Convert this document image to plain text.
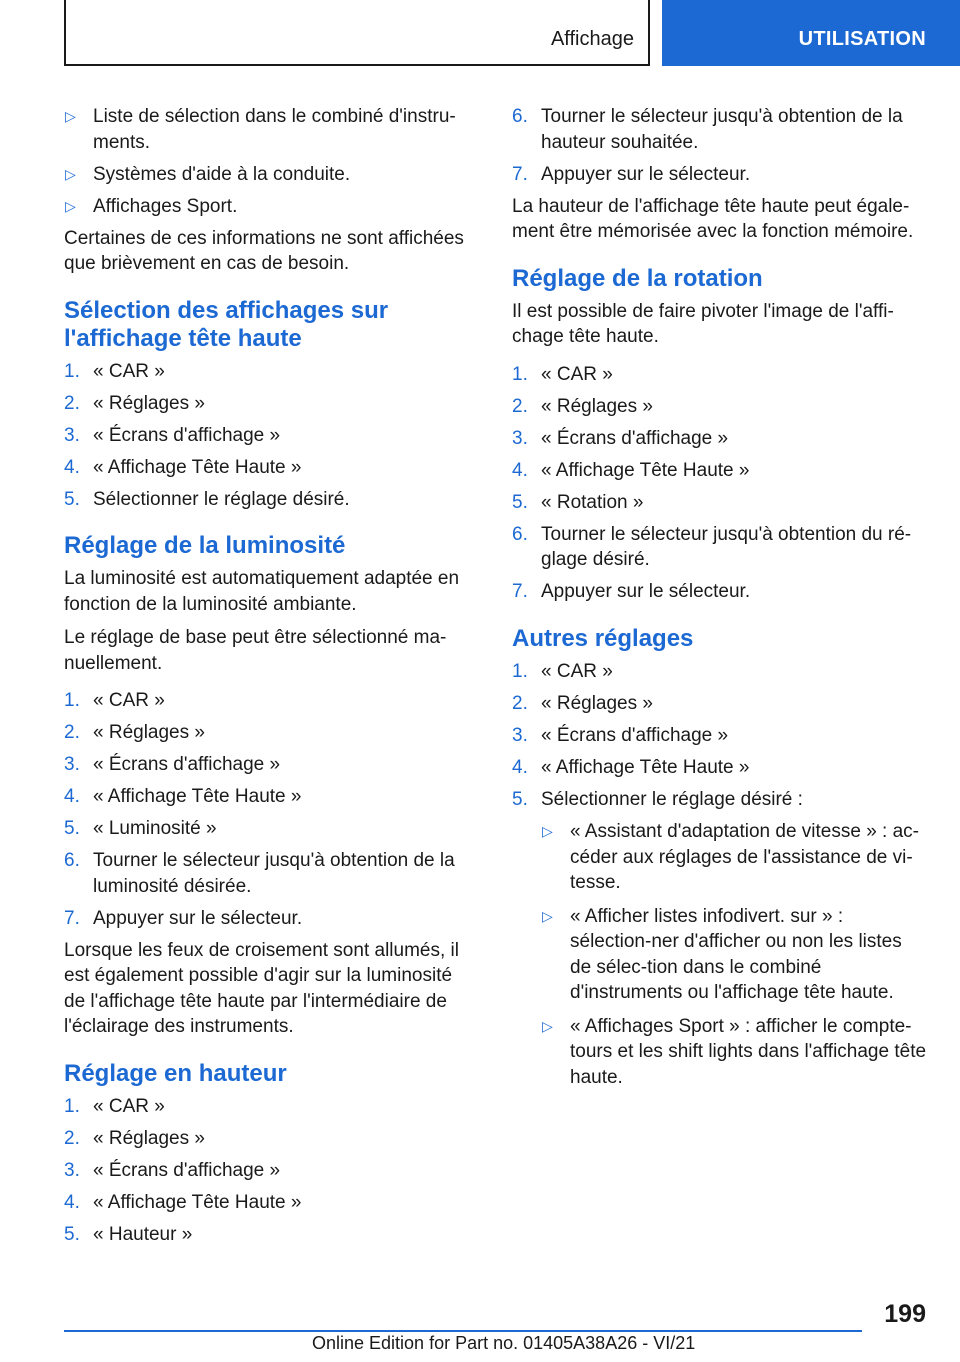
Affichage	UTILISATION
▷ Liste de sélection dans le combiné d'instru‐ments.
▷ Systèmes d'aide à la conduite.
▷ Affichages Sport.

Certaines de ces informations ne sont affichées que brièvement en cas de besoin.

Sélection des affichages sur l'affichage tête haute
1. « CAR »
2. « Réglages »
3. « Écrans d'affichage »
4. « Affichage Tête Haute »
5. Sélectionner le réglage désiré.
Réglage de la luminosité

La luminosité est automatiquement adaptée en fonction de la luminosité ambiante.

Le réglage de base peut être sélectionné ma‐nuellement.

1. « CAR »
2. « Réglages »
3. « Écrans d'affichage »
4. « Affichage Tête Haute »
5. « Luminosité »
6. Tourner le sélecteur jusqu'à obtention de la luminosité désirée.
7. Appuyer sur le sélecteur.

Lorsque les feux de croisement sont allumés, il est également possible d'agir sur la luminosité de l'affichage tête haute par l'intermédiaire de l'éclairage des instruments.

Réglage en hauteur
1. « CAR »
2. « Réglages »
3. « Écrans d'affichage »
4. « Affichage Tête Haute »
5. « Hauteur »
6. Tourner le sélecteur jusqu'à obtention de la hauteur souhaitée.
7. Appuyer sur le sélecteur.

La hauteur de l'affichage tête haute peut égale‐ment être mémorisée avec la fonction mémoire.

Réglage de la rotation

Il est possible de faire pivoter l'image de l'affi‐chage tête haute.

1. « CAR »
2. « Réglages »
3. « Écrans d'affichage »
4. « Affichage Tête Haute »
5. « Rotation »
6. Tourner le sélecteur jusqu'à obtention du ré‐glage désiré.
7. Appuyer sur le sélecteur.
Autres réglages
1. « CAR »
2. « Réglages »
3. « Écrans d'affichage »
4. « Affichage Tête Haute »
5. Sélectionner le réglage désiré :
▷ « Assistant d'adaptation de vitesse » : ac‐céder aux réglages de l'assistance de vi‐tesse.
▷ « Afficher listes infodivert. sur » : sélection‐ner d'afficher ou non les listes de sélec‐tion dans le combiné d'instruments ou l'affichage tête haute.
▷ « Affichages Sport » : afficher le compte-tours et les shift lights dans l'affichage tête haute.
199
Online Edition for Part no. 01405A38A26 - VI/21
